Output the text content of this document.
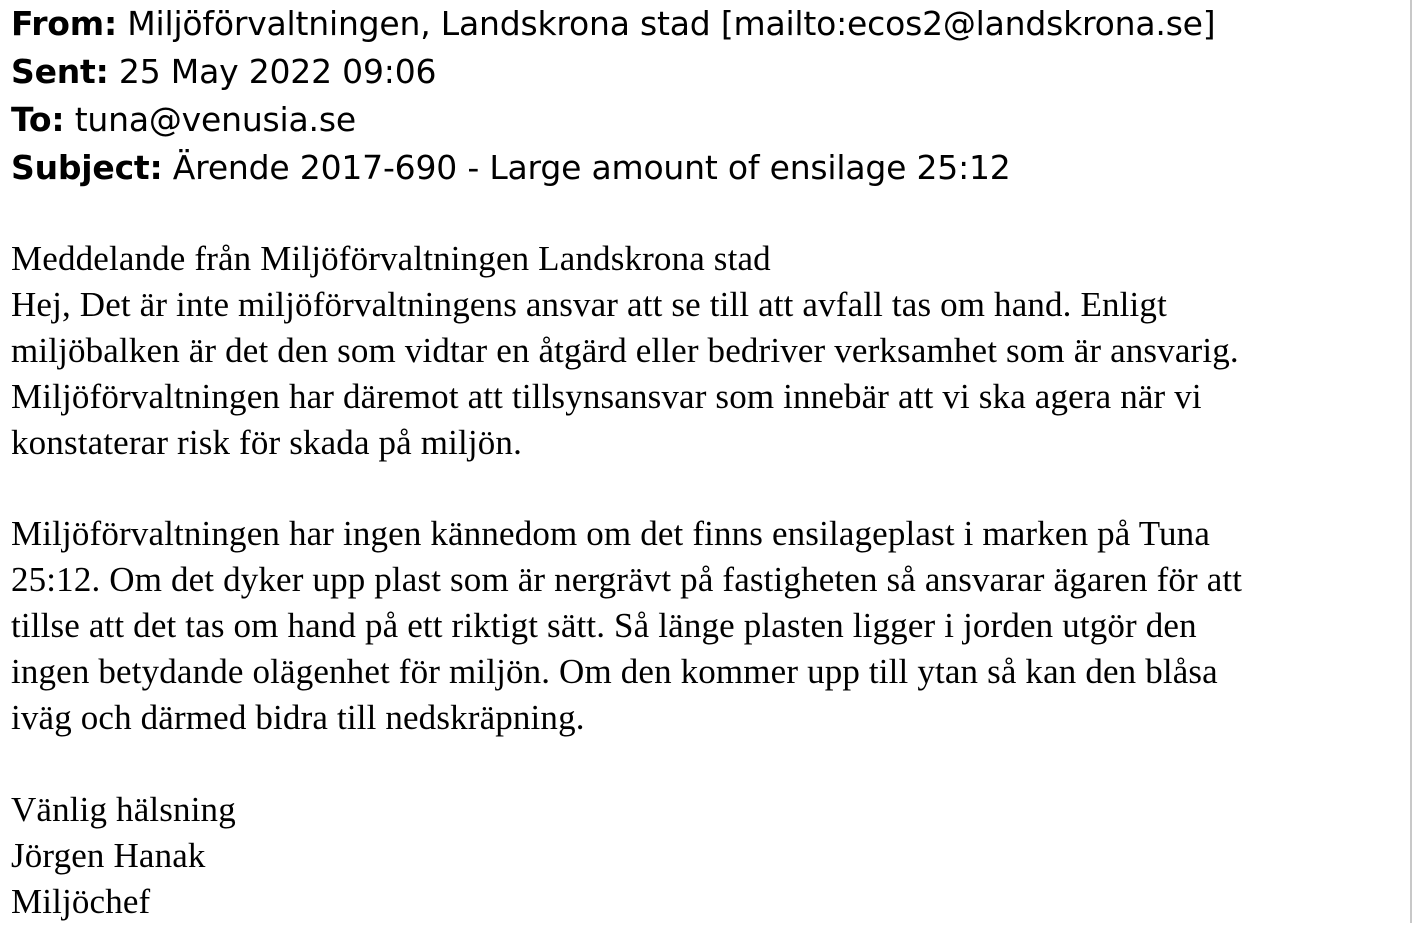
From: Miljöförvaltningen, Landskrona stad [mailto:ecos2@landskrona.se]
Sent: 25 May 2022 09:06
To: tuna@venusia.se
Subject: Ärende 2017-690 - Large amount of ensilage 25:12

Meddelande från Miljöförvaltningen Landskrona stad

Hej, Det är inte miljöförvaltningens ansvar att se till att avfall tas om hand. Enligt

miljöbalken är det den som vidtar en åtgärd eller bedriver verksamhet som är ansvarig.

Miljöförvaltningen har däremot att tillsynsansvar som innebär att vi ska agera när vi

konstaterar risk för skada på miljön.

Miljöförvaltningen har ingen kännedom om det finns ensilageplast i marken på Tuna

25:12. Om det dyker upp plast som är nergrävt på fastigheten så ansvarar ägaren för att

tillse att det tas om hand på ett riktigt sätt. Så länge plasten ligger i jorden utgör den

ingen betydande olägenhet för miljön. Om den kommer upp till ytan så kan den blåsa

iväg och därmed bidra till nedskräpning.

Vänlig hälsning

Jörgen Hanak

Miljöchef
